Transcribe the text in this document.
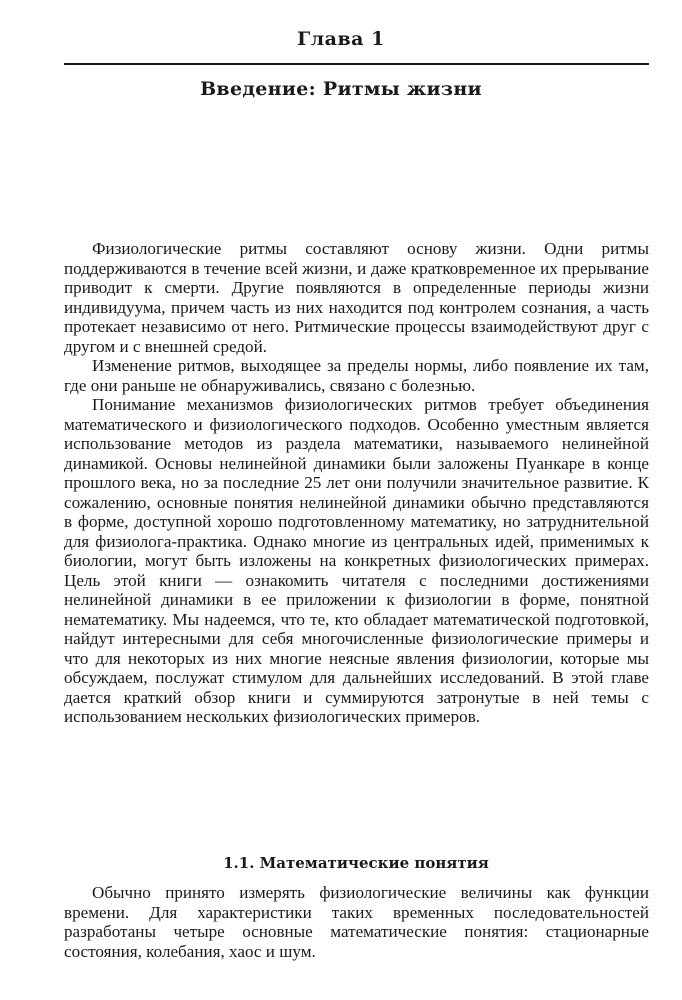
Глава 1
Введение: Ритмы жизни

Физиологические ритмы составляют основу жизни. Одни ритмы поддерживаются в течение всей жизни, и даже кратковременное их прерывание приводит к смерти. Другие появляются в определенные периоды жизни индивидуума, причем часть из них находится под контролем сознания, а часть протекает независимо от него. Ритмические процессы взаимодействуют друг с другом и с внешней средой.

Изменение ритмов, выходящее за пределы нормы, либо появление их там, где они раньше не обнаруживались, связано с болезнью.

Понимание механизмов физиологических ритмов требует объединения математического и физиологического подходов. Особенно уместным является использование методов из раздела математики, называемого нелинейной динамикой. Основы нелинейной динамики были заложены Пуанкаре в конце прошлого века, но за последние 25 лет они получили значительное развитие. К сожалению, основные понятия нелинейной динамики обычно представляются в форме, доступной хорошо подготовленному математику, но затруднительной для физиолога-практика. Однако многие из центральных идей, применимых к биологии, могут быть изложены на конкретных физиологических примерах. Цель этой книги — ознакомить читателя с последними достижениями нелинейной динамики в ее приложении к физиологии в форме, понятной нематематику. Мы надеемся, что те, кто обладает математической подготовкой, найдут интересными для себя многочисленные физиологические примеры и что для некоторых из них многие неясные явления физиологии, которые мы обсуждаем, послужат стимулом для дальнейших исследований. В этой главе дается краткий обзор книги и суммируются затронутые в ней темы с использованием нескольких физиологических примеров.

1.1. Математические понятия

Обычно принято измерять физиологические величины как функции времени. Для характеристики таких временных последовательностей разработаны четыре основные математические понятия: стационарные состояния, колебания, хаос и шум.
